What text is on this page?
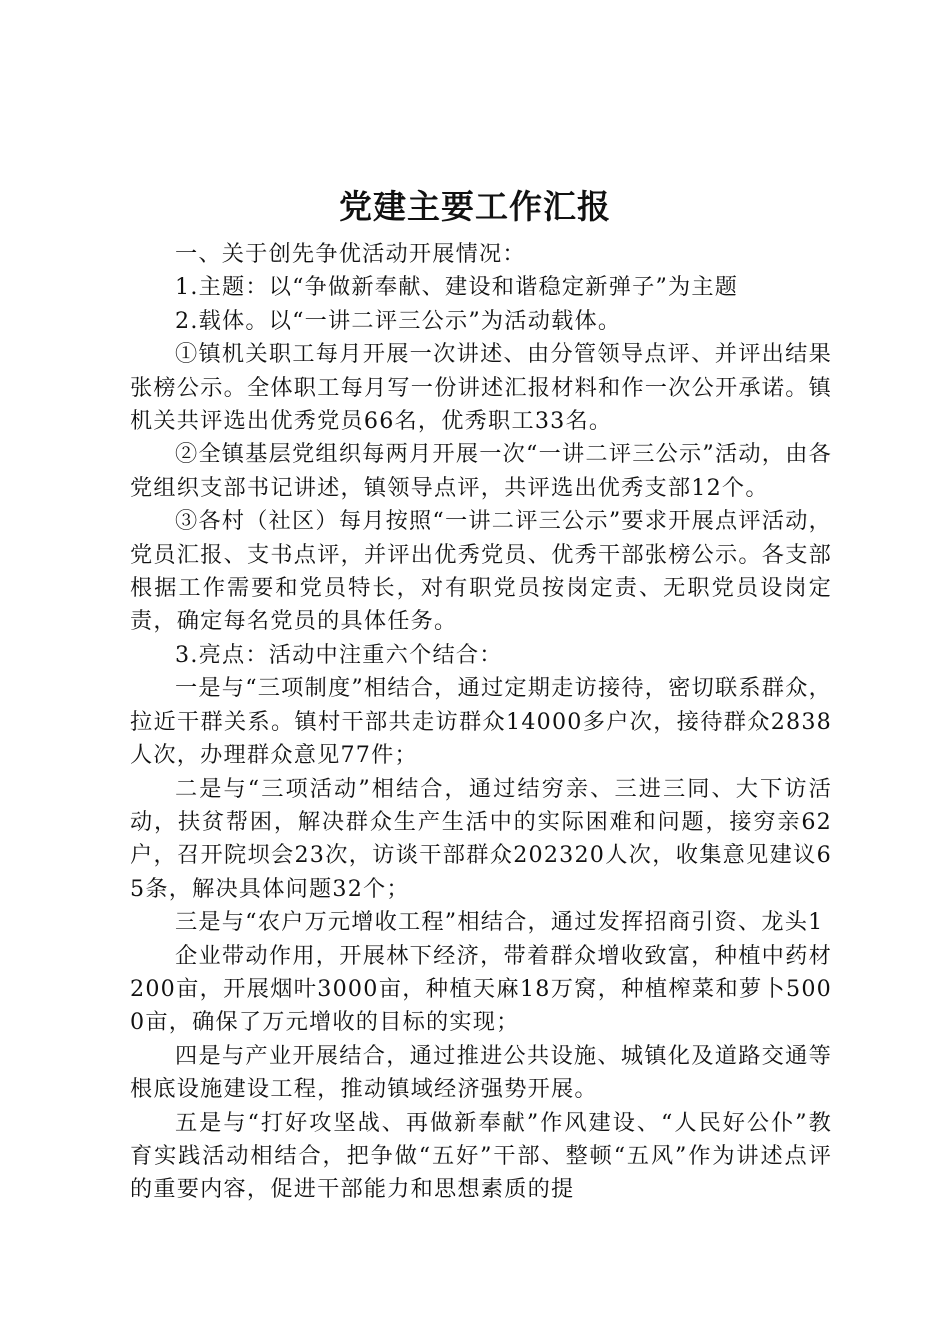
党建主要工作汇报

一、关于创先争优活动开展情况：

1.主题：以“争做新奉献、建设和谐稳定新弹子”为主题

2.载体。以“一讲二评三公示”为活动载体。

①镇机关职工每月开展一次讲述、由分管领导点评、并评出结果张榜公示。全体职工每月写一份讲述汇报材料和作一次公开承诺。镇机关共评选出优秀党员66名，优秀职工33名。

②全镇基层党组织每两月开展一次“一讲二评三公示”活动，由各党组织支部书记讲述，镇领导点评，共评选出优秀支部12个。

③各村（社区）每月按照“一讲二评三公示”要求开展点评活动，党员汇报、支书点评，并评出优秀党员、优秀干部张榜公示。各支部根据工作需要和党员特长，对有职党员按岗定责、无职党员设岗定责，确定每名党员的具体任务。

3.亮点：活动中注重六个结合：

一是与“三项制度”相结合，通过定期走访接待，密切联系群众，拉近干群关系。镇村干部共走访群众14000多户次，接待群众2838人次，办理群众意见77件；

二是与“三项活动”相结合，通过结穷亲、三进三同、大下访活动，扶贫帮困，解决群众生产生活中的实际困难和问题，接穷亲62户，召开院坝会23次，访谈干部群众202320人次，收集意见建议65条，解决具体问题32个；

三是与“农户万元增收工程”相结合，通过发挥招商引资、龙头1

企业带动作用，开展林下经济，带着群众增收致富，种植中药材200亩，开展烟叶3000亩，种植天麻18万窝，种植榨菜和萝卜5000亩，确保了万元增收的目标的实现；

四是与产业开展结合，通过推进公共设施、城镇化及道路交通等根底设施建设工程，推动镇域经济强势开展。

五是与“打好攻坚战、再做新奉献”作风建设、“人民好公仆”教育实践活动相结合，把争做“五好”干部、整顿“五风”作为讲述点评的重要内容，促进干部能力和思想素质的提
